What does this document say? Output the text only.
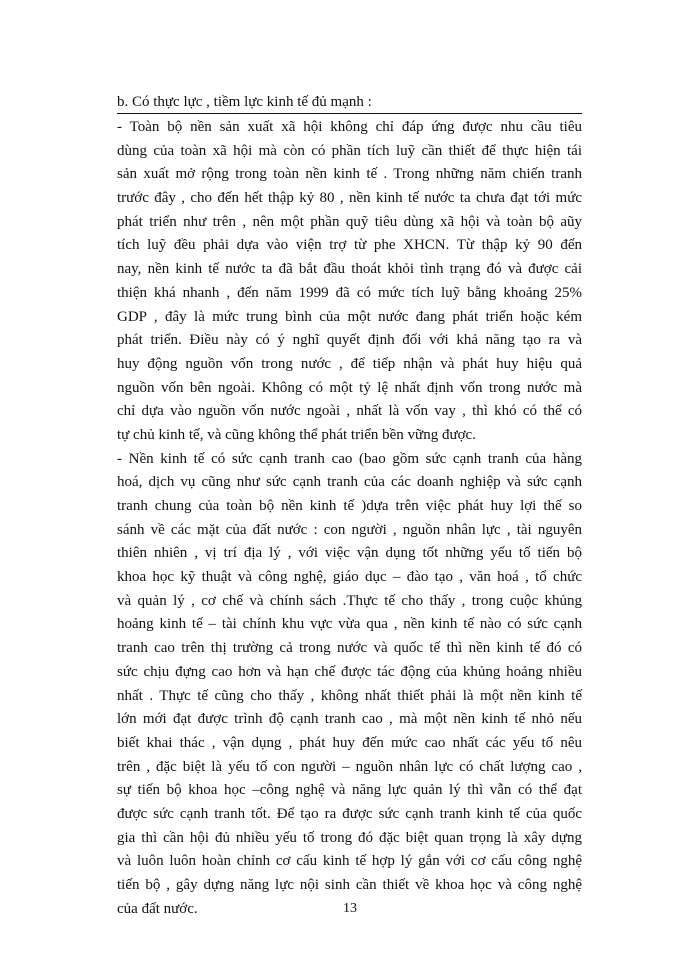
b. Có thực lực , tiềm lực kinh tế đủ mạnh :
- Toàn bộ nền sản xuất xã hội không chỉ đáp ứng được nhu cầu tiêu
dùng của toàn xã hội mà còn có phần tích luỹ cần thiết để thực hiện tái
sản xuất mở rộng trong toàn nền kinh tế . Trong những năm chiến tranh
trước đây , cho đến hết thập kỷ 80 , nền kinh tế nước ta chưa đạt tới mức
phát triển như trên , nên một phần quỹ tiêu dùng xã hội và toàn bộ aũy
tích luỹ đều phải dựa vào viện trợ từ phe XHCN. Từ thập kỷ 90 đến
nay, nền kinh tế nước ta đã bắt đầu thoát khỏi tình trạng đó và được cải
thiện khá nhanh , đến năm 1999 đã có mức tích luỹ bằng khoảng 25%
GDP , đây là mức trung bình của một nước đang phát triển hoặc kém
phát triển. Điều này có ý nghĩ quyết định đối với khả năng tạo ra và
huy động nguồn vốn trong nước , để tiếp nhận và phát huy hiệu quả
nguồn vốn bên ngoài. Không có một tỷ lệ nhất định vốn trong nước mà
chỉ dựa vào nguồn vốn nước ngoài , nhất là vốn vay , thì khó có thể có
tự chủ kinh tế, và cũng không thể phát triển bền vững được.
- Nền kinh tế có sức cạnh tranh cao (bao gồm sức cạnh tranh của hàng
hoá, dịch vụ cũng như sức cạnh tranh của các doanh nghiệp và sức cạnh
tranh chung của toàn bộ nền kinh tế )dựa trên việc phát huy lợi thế so
sánh về các mặt của đất nước : con người , nguồn nhân lực , tài nguyên
thiên nhiên , vị trí địa lý , với việc vận dụng tốt những yếu tố tiến bộ
khoa học kỹ thuật và công nghệ, giáo dục – đào tạo , văn hoá , tổ chức
và quản lý , cơ chế và chính sách .Thực tế cho thấy , trong cuộc khủng
hoảng kinh tế – tài chính khu vực vừa qua , nền kinh tế nào có sức cạnh
tranh cao trên thị trường cả trong nước và quốc tế thì nền kinh tế đó có
sức chịu đựng cao hơn và hạn chế được tác động của khủng hoảng nhiều
nhất . Thực tế cũng cho thấy , không nhất thiết phải là một nền kinh tế
lớn mới đạt được trình độ cạnh tranh cao , mà một nền kinh tế nhỏ nếu
biết khai thác , vận dụng , phát huy đến mức cao nhất các yếu tố nêu
trên , đặc biệt là yếu tố con người – nguồn nhân lực có chất lượng cao ,
sự tiến bộ khoa học –công nghệ và năng lực quản lý thì vẫn có thể đạt
được sức cạnh tranh tốt. Để tạo ra được sức cạnh tranh kinh tế của quốc
gia thì cần hội đủ nhiều yếu tố trong đó đặc biệt quan trọng là xây dựng
và luôn luôn hoàn chỉnh cơ cấu kinh tế hợp lý gắn với cơ cấu công nghệ
tiến bộ , gây dựng năng lực nội sinh cần thiết về khoa học và công nghệ
của đất nước.	13
